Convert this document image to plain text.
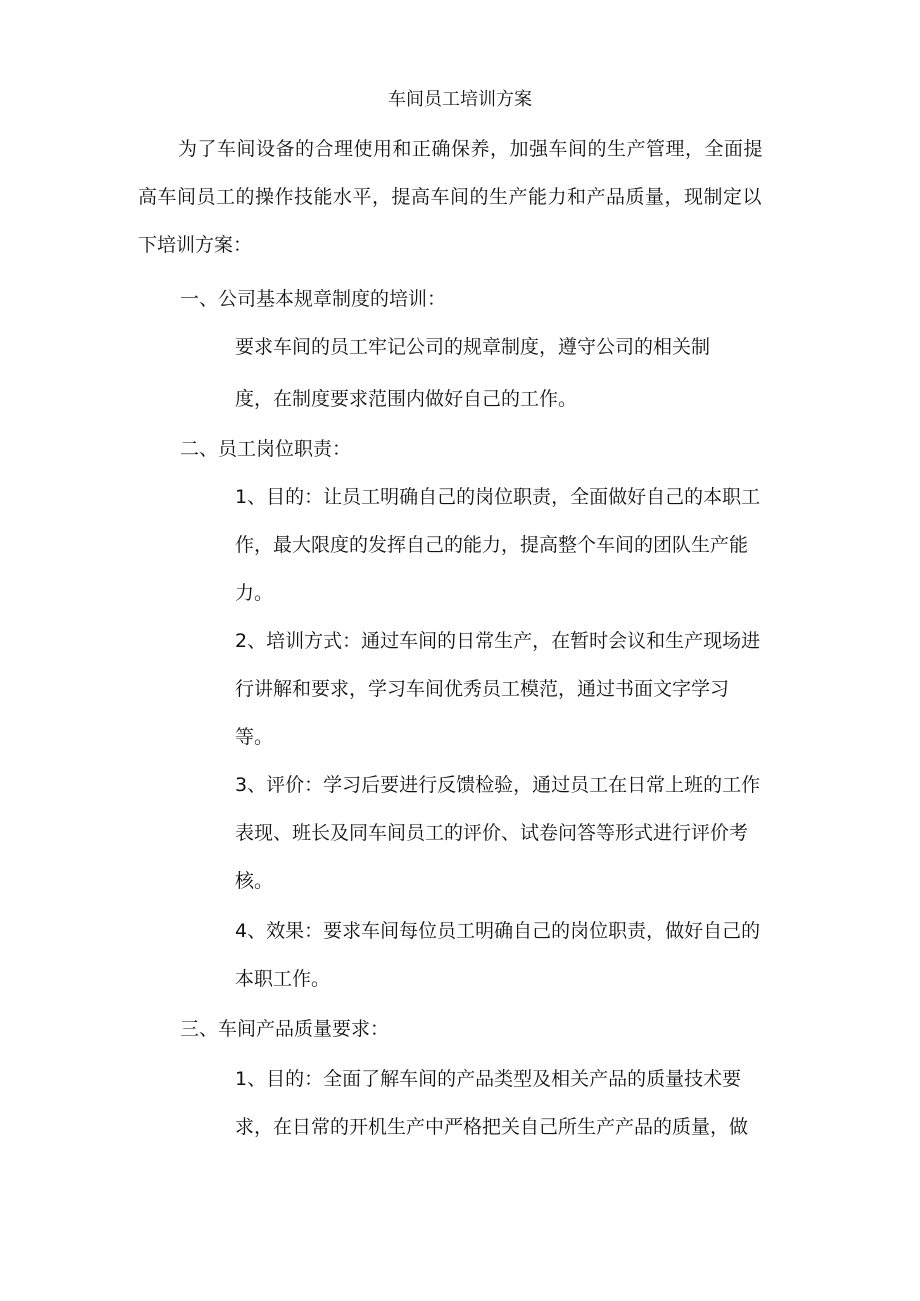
车间员工培训方案
为了车间设备的合理使用和正确保养，加强车间的生产管理，全面提
高车间员工的操作技能水平，提高车间的生产能力和产品质量，现制定以
下培训方案：
一、公司基本规章制度的培训：
要求车间的员工牢记公司的规章制度，遵守公司的相关制
度，在制度要求范围内做好自己的工作。
二、员工岗位职责：
1、目的：让员工明确自己的岗位职责，全面做好自己的本职工
作，最大限度的发挥自己的能力，提高整个车间的团队生产能
力。
2、培训方式：通过车间的日常生产，在暂时会议和生产现场进
行讲解和要求，学习车间优秀员工模范，通过书面文字学习
等。
3、评价：学习后要进行反馈检验，通过员工在日常上班的工作
表现、班长及同车间员工的评价、试卷问答等形式进行评价考
核。
4、效果：要求车间每位员工明确自己的岗位职责，做好自己的
本职工作。
三、车间产品质量要求：
1、目的：全面了解车间的产品类型及相关产品的质量技术要
求，在日常的开机生产中严格把关自己所生产产品的质量，做
